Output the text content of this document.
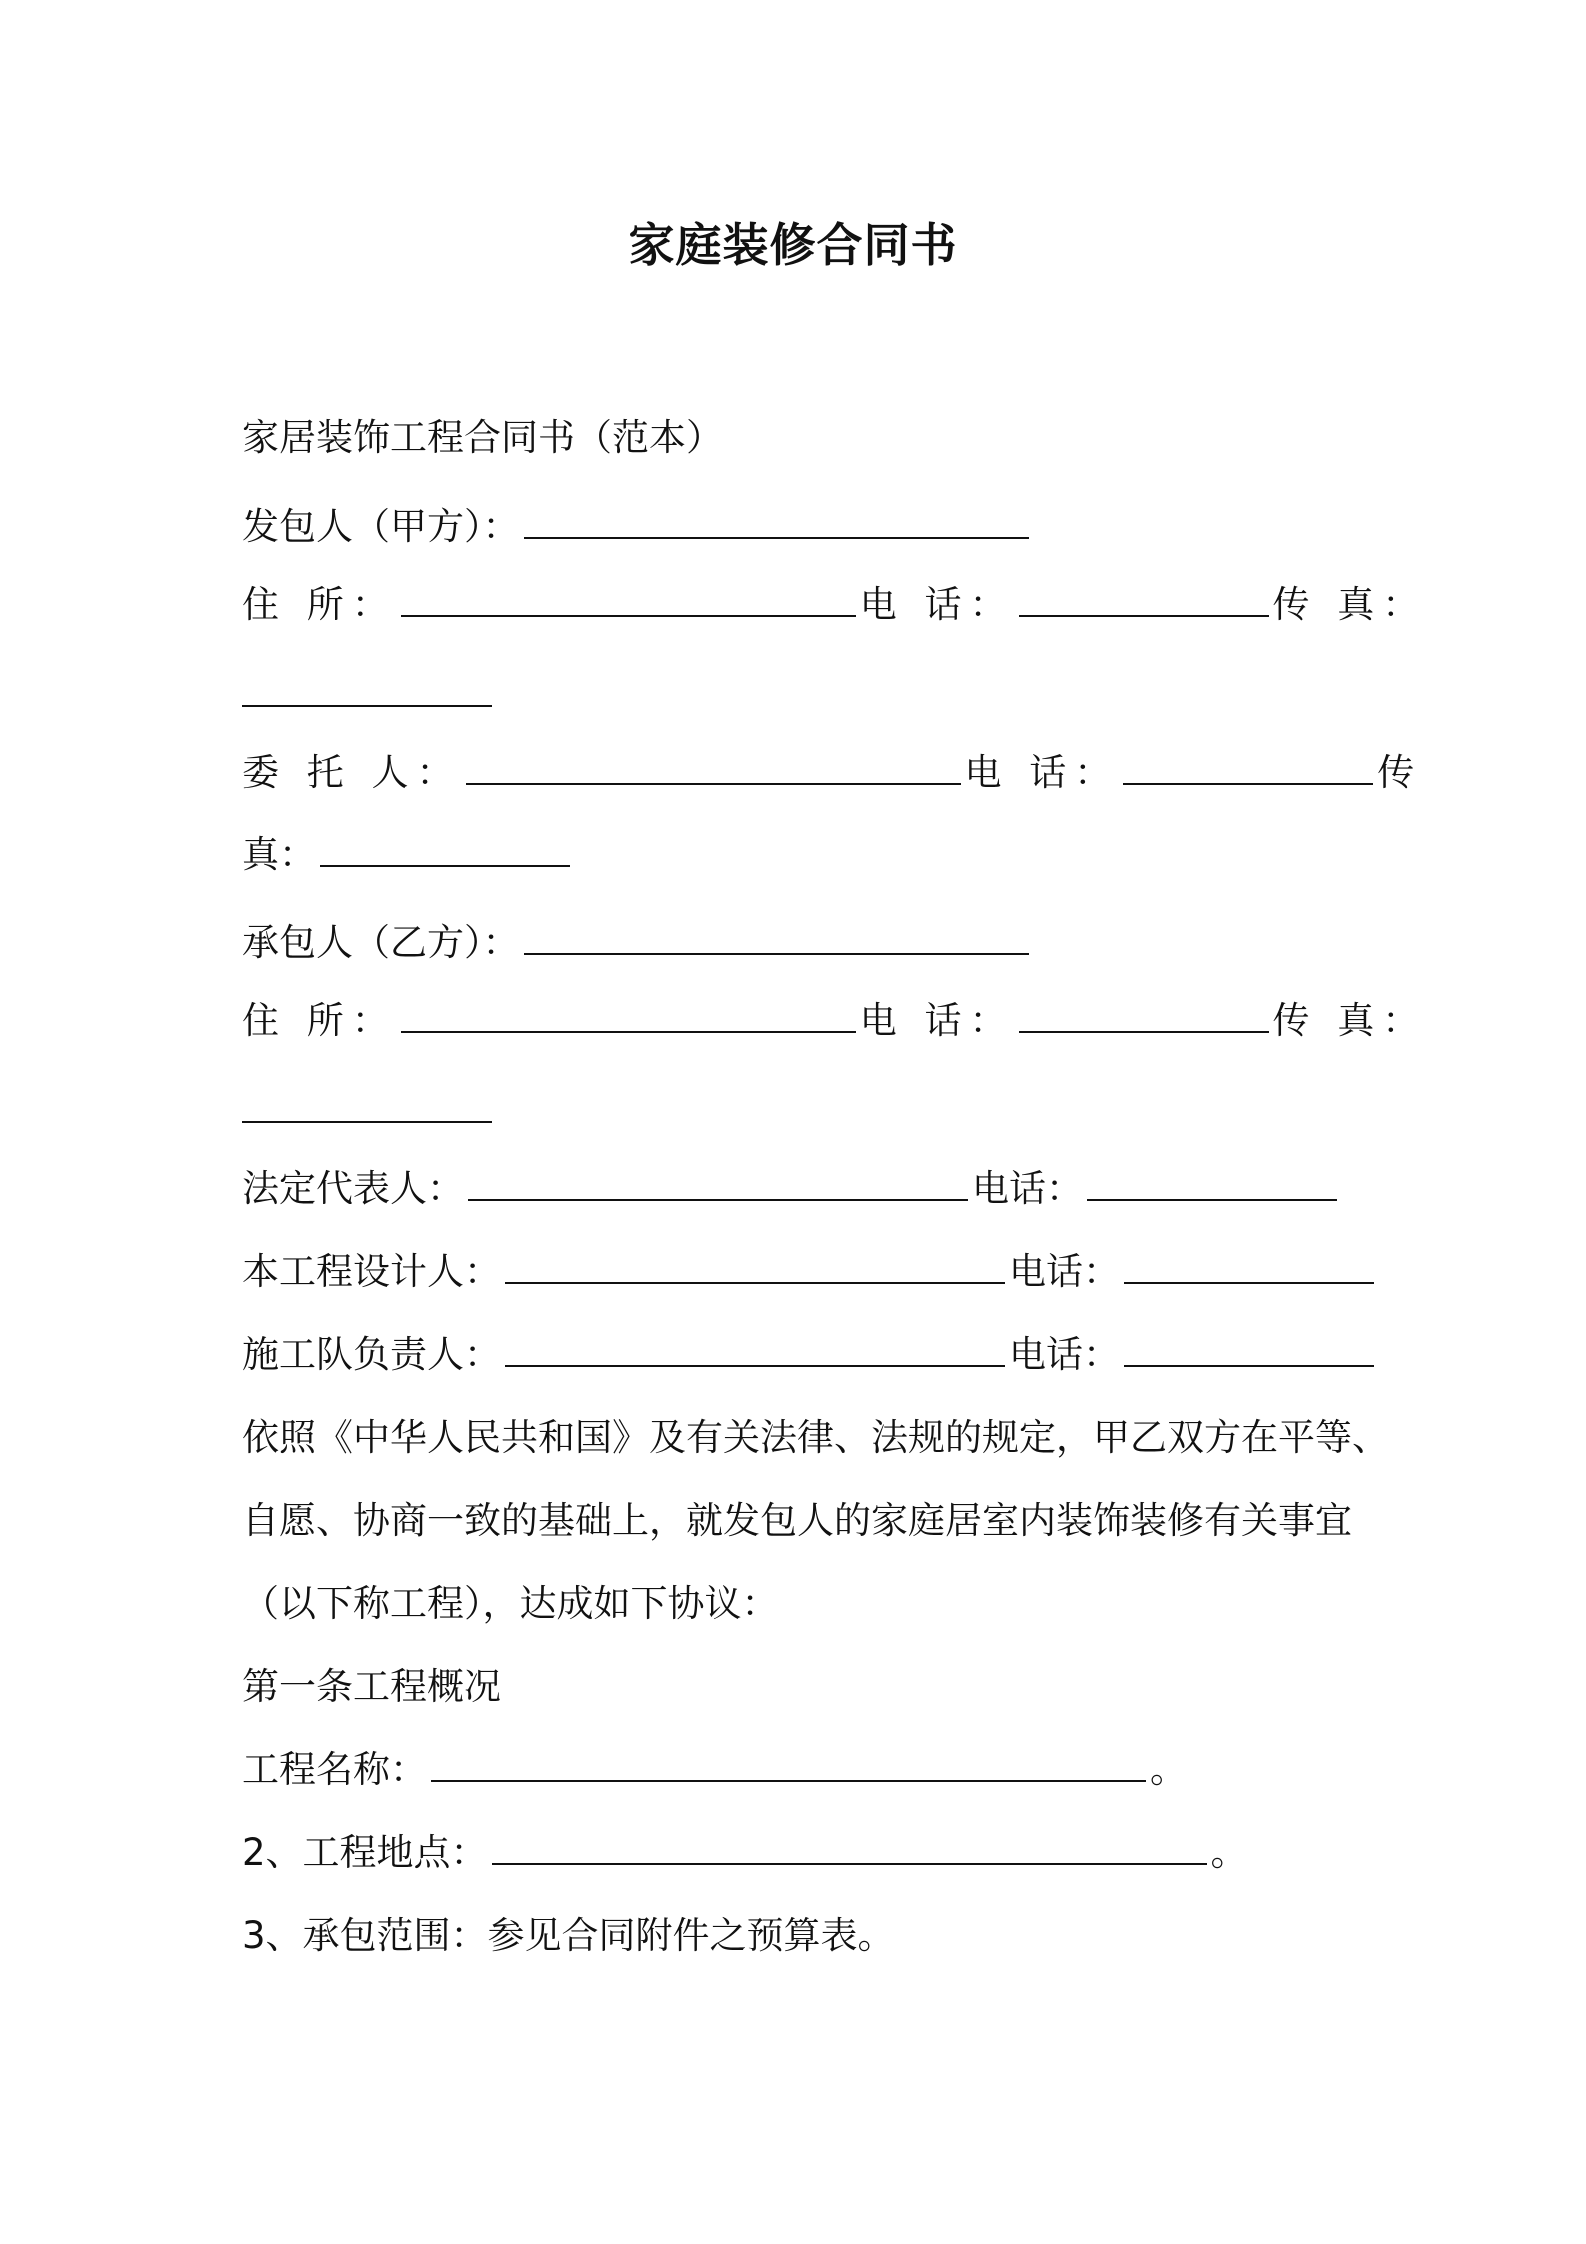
家庭装修合同书
家居装饰工程合同书（范本）
发包人（甲方）：
住 所：	电 话：	传 真：
委 托 人：	电 话：	传
真：
承包人（乙方）：
住 所：	电 话：	传 真：
法定代表人：	电话：
本工程设计人：	电话：
施工队负责人：	电话：
依照《中华人民共和国》及有关法律、法规的规定，甲乙双方在平等、
自愿、协商一致的基础上，就发包人的家庭居室内装饰装修有关事宜
（以下称工程），达成如下协议：
第一条工程概况
工程名称：	。
2、工程地点：	。
3、承包范围：参见合同附件之预算表。
